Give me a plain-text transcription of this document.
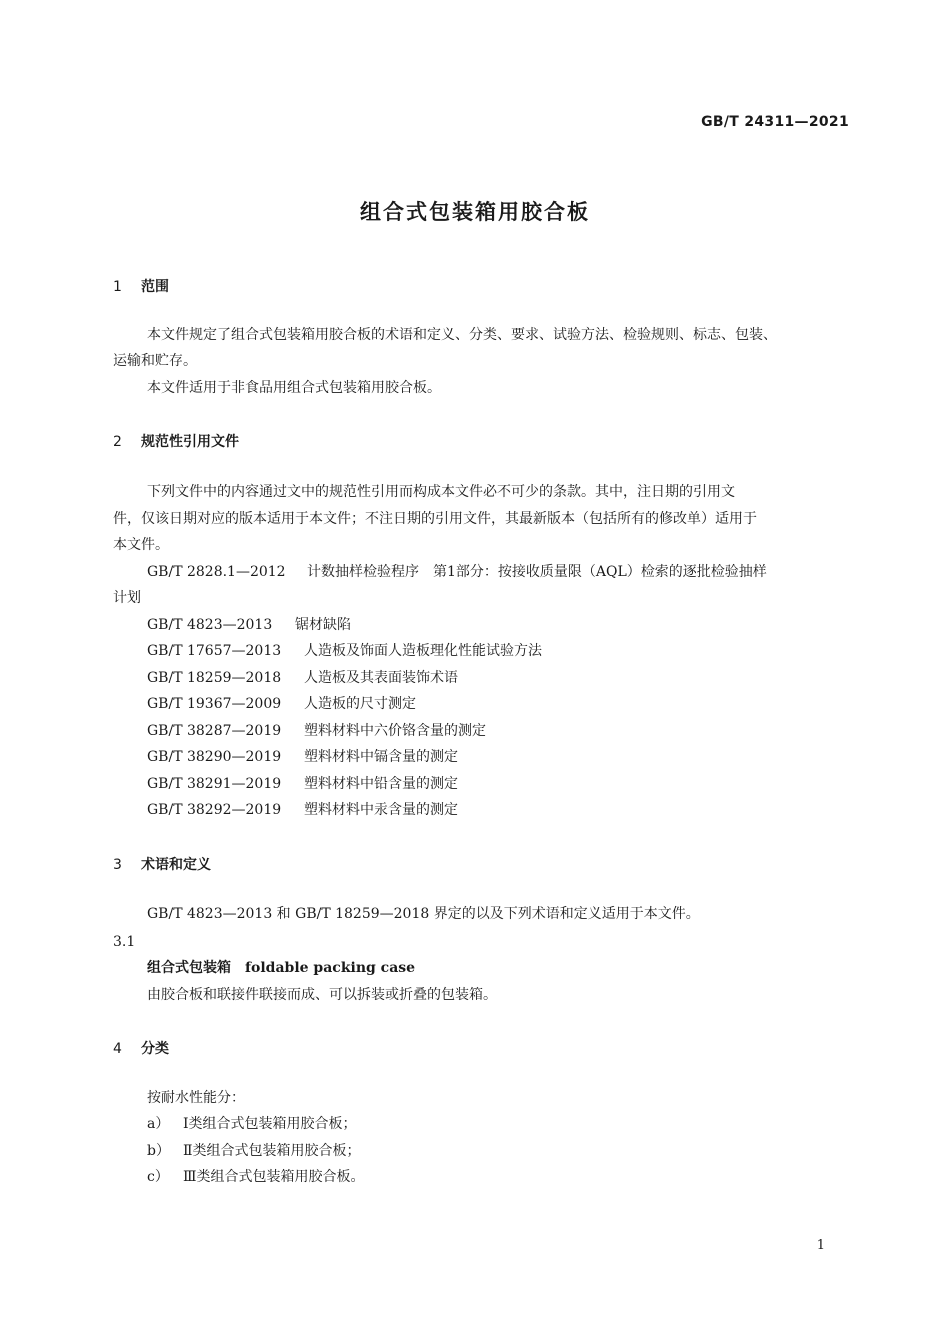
GB/T 24311—2021
组合式包装箱用胶合板
1 范围
本文件规定了组合式包装箱用胶合板的术语和定义、分类、要求、试验方法、检验规则、标志、包装、
运输和贮存。
本文件适用于非食品用组合式包装箱用胶合板。
2 规范性引用文件
下列文件中的内容通过文中的规范性引用而构成本文件必不可少的条款。其中，注日期的引用文
件，仅该日期对应的版本适用于本文件；不注日期的引用文件，其最新版本（包括所有的修改单）适用于
本文件。
GB/T 2828.1—2012 计数抽样检验程序　第1部分：按接收质量限（AQL）检索的逐批检验抽样
计划
GB/T 4823—2013 锯材缺陷
GB/T 17657—2013 人造板及饰面人造板理化性能试验方法
GB/T 18259—2018 人造板及其表面装饰术语
GB/T 19367—2009 人造板的尺寸测定
GB/T 38287—2019 塑料材料中六价铬含量的测定
GB/T 38290—2019 塑料材料中镉含量的测定
GB/T 38291—2019 塑料材料中铅含量的测定
GB/T 38292—2019 塑料材料中汞含量的测定
3 术语和定义
GB/T 4823—2013 和 GB/T 18259—2018 界定的以及下列术语和定义适用于本文件。
3.1
组合式包装箱 foldable packing case
由胶合板和联接件联接而成、可以拆装或折叠的包装箱。
4 分类
按耐水性能分：
a） Ⅰ类组合式包装箱用胶合板；
b） Ⅱ类组合式包装箱用胶合板；
c） Ⅲ类组合式包装箱用胶合板。
1
